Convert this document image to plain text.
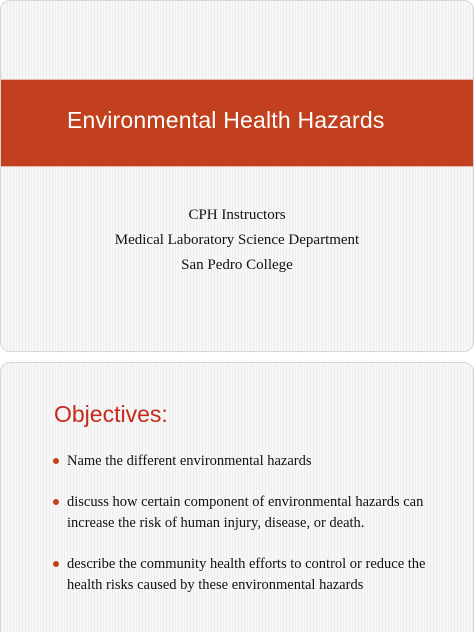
Environmental Health Hazards
CPH Instructors
Medical Laboratory Science Department
San Pedro College
Objectives:
Name the different environmental hazards
discuss how certain component of environmental hazards can increase the risk of human injury, disease, or death.
describe the community health efforts to control or reduce the health risks caused by these environmental hazards
